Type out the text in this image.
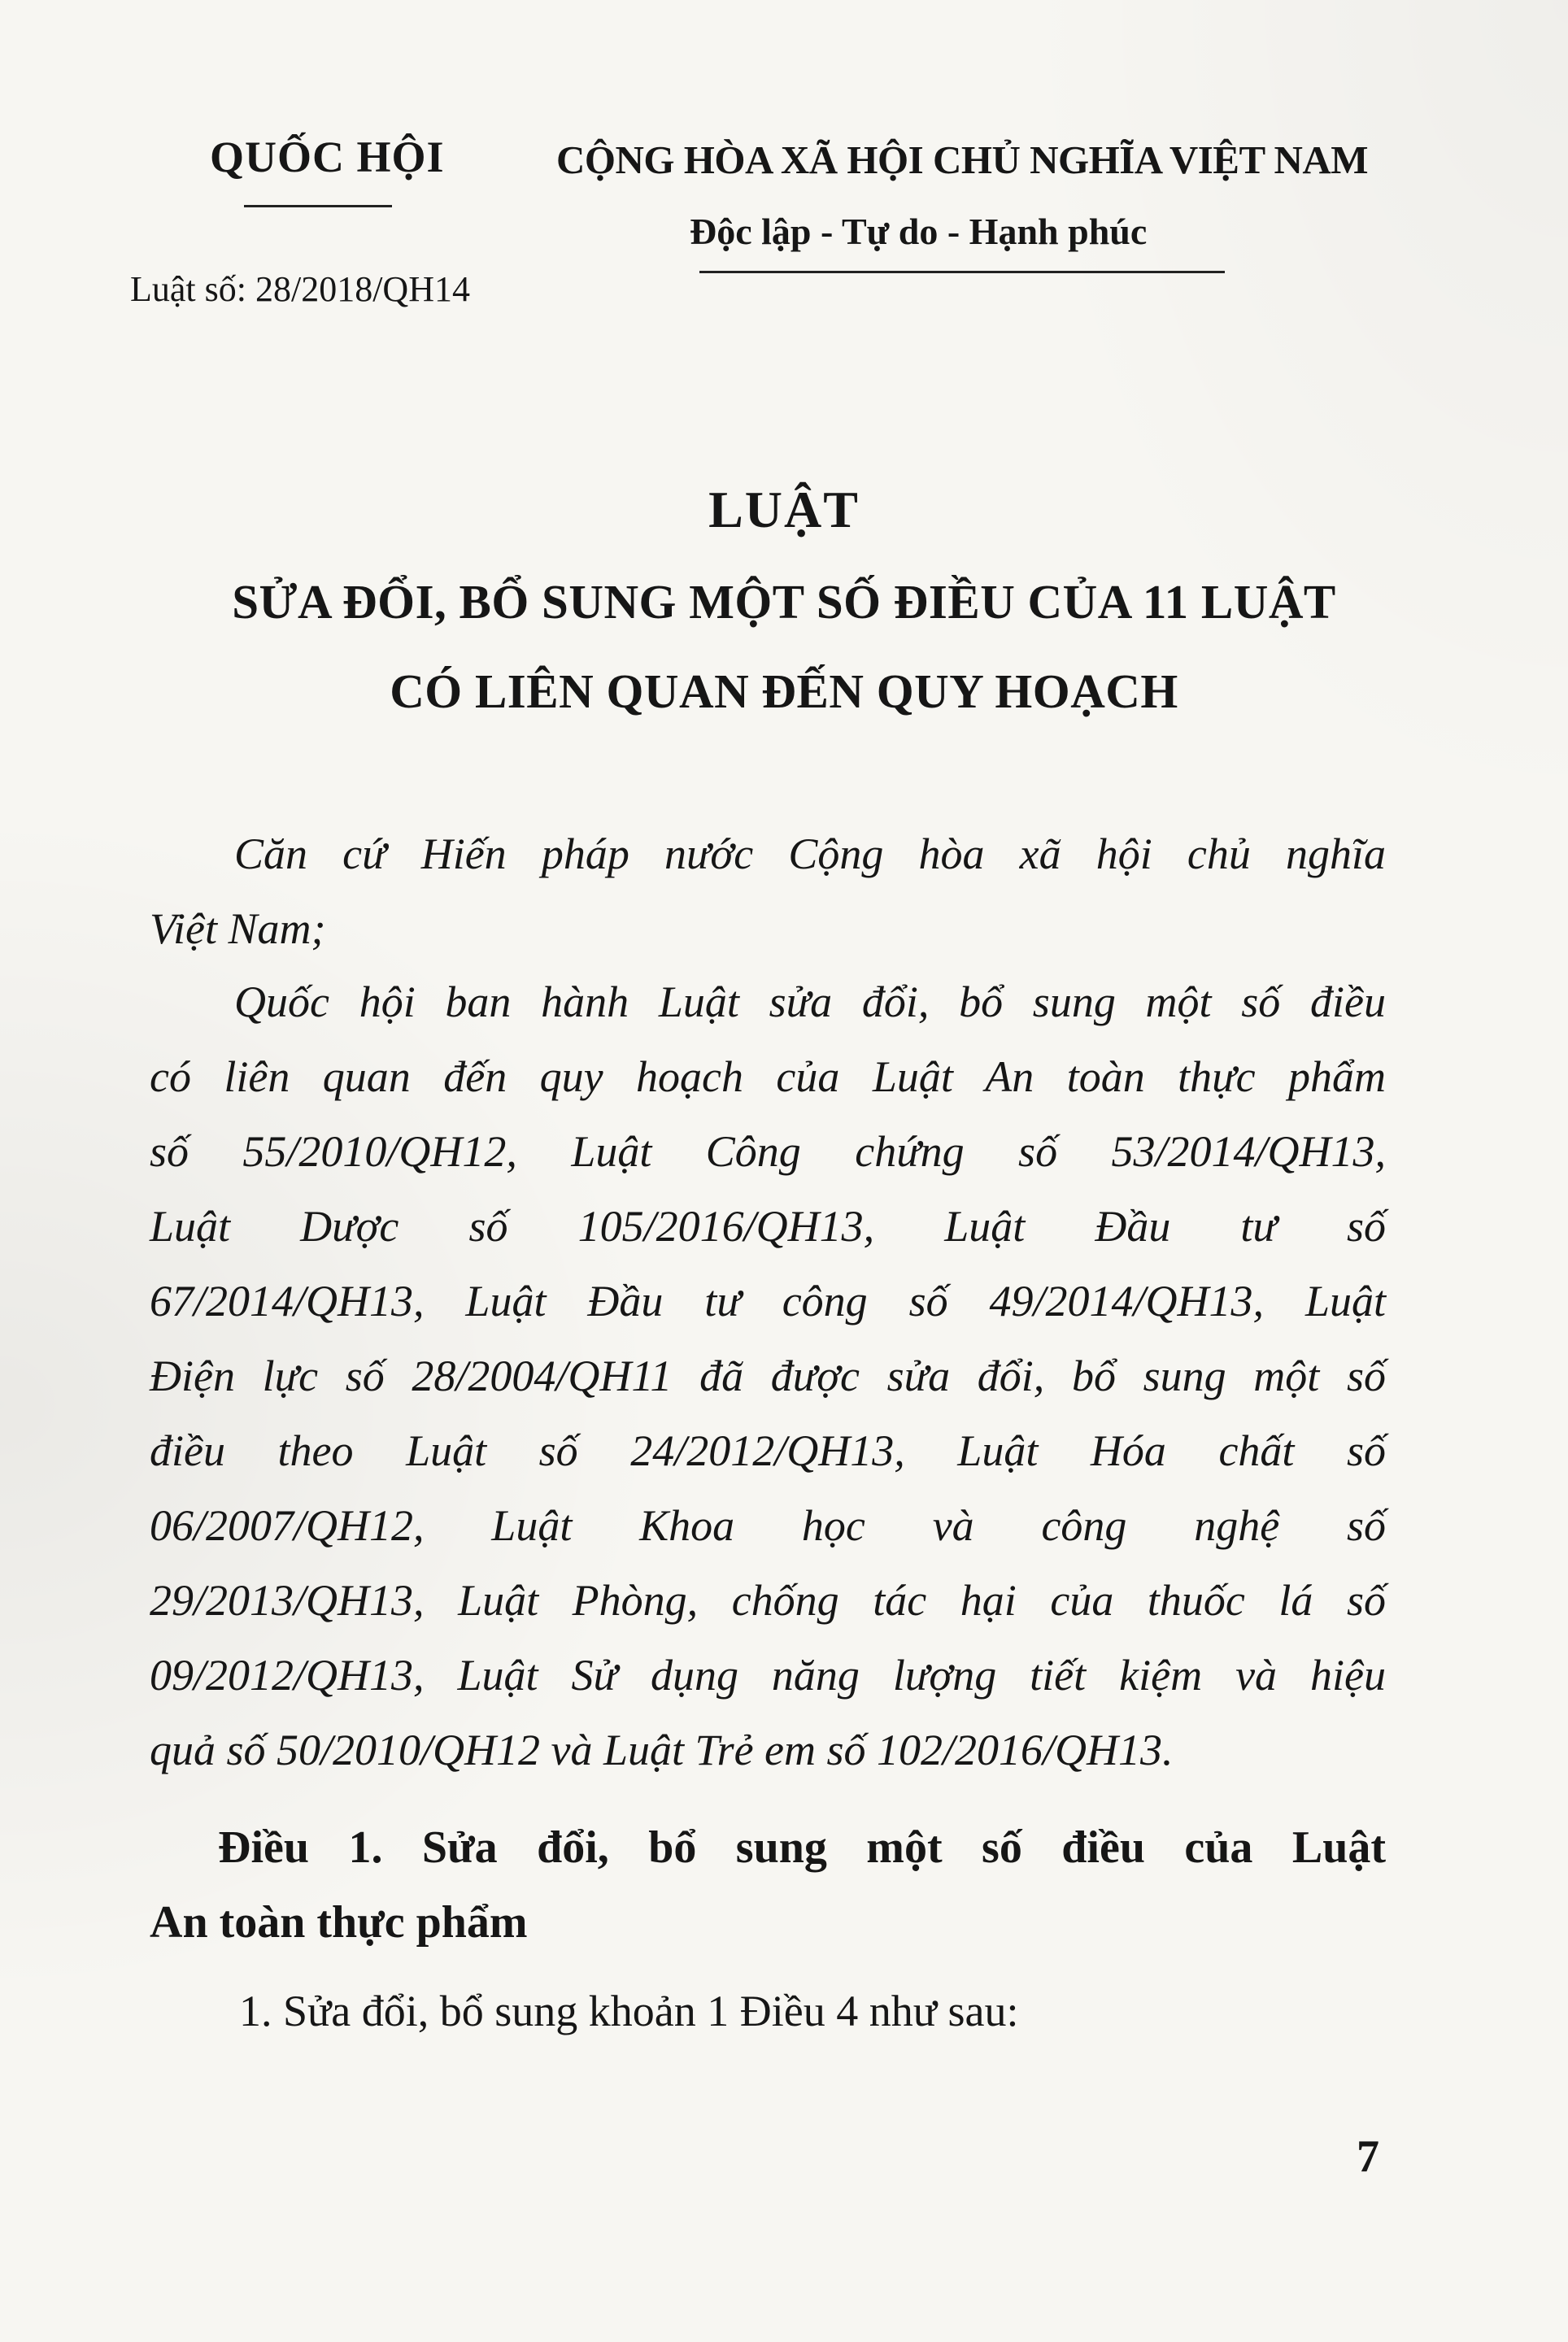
QUỐC HỘI
Luật số: 28/2018/QH14
CỘNG HÒA XÃ HỘI CHỦ NGHĨA VIỆT NAM
Độc lập - Tự do - Hạnh phúc
LUẬT
SỬA ĐỔI, BỔ SUNG MỘT SỐ ĐIỀU CỦA 11 LUẬT
CÓ LIÊN QUAN ĐẾN QUY HOẠCH
Căn cứ Hiến pháp nước Cộng hòa xã hội chủ nghĩa
Việt Nam;
Quốc hội ban hành Luật sửa đổi, bổ sung một số điều
có liên quan đến quy hoạch của Luật An toàn thực phẩm
số 55/2010/QH12, Luật Công chứng số 53/2014/QH13,
Luật Dược số 105/2016/QH13, Luật Đầu tư số
67/2014/QH13, Luật Đầu tư công số 49/2014/QH13, Luật
Điện lực số 28/2004/QH11 đã được sửa đổi, bổ sung một số
điều theo Luật số 24/2012/QH13, Luật Hóa chất số
06/2007/QH12, Luật Khoa học và công nghệ số
29/2013/QH13, Luật Phòng, chống tác hại của thuốc lá số
09/2012/QH13, Luật Sử dụng năng lượng tiết kiệm và hiệu
quả số 50/2010/QH12 và Luật Trẻ em số 102/2016/QH13.
Điều 1. Sửa đổi, bổ sung một số điều của Luật
An toàn thực phẩm
1. Sửa đổi, bổ sung khoản 1 Điều 4 như sau:
7
